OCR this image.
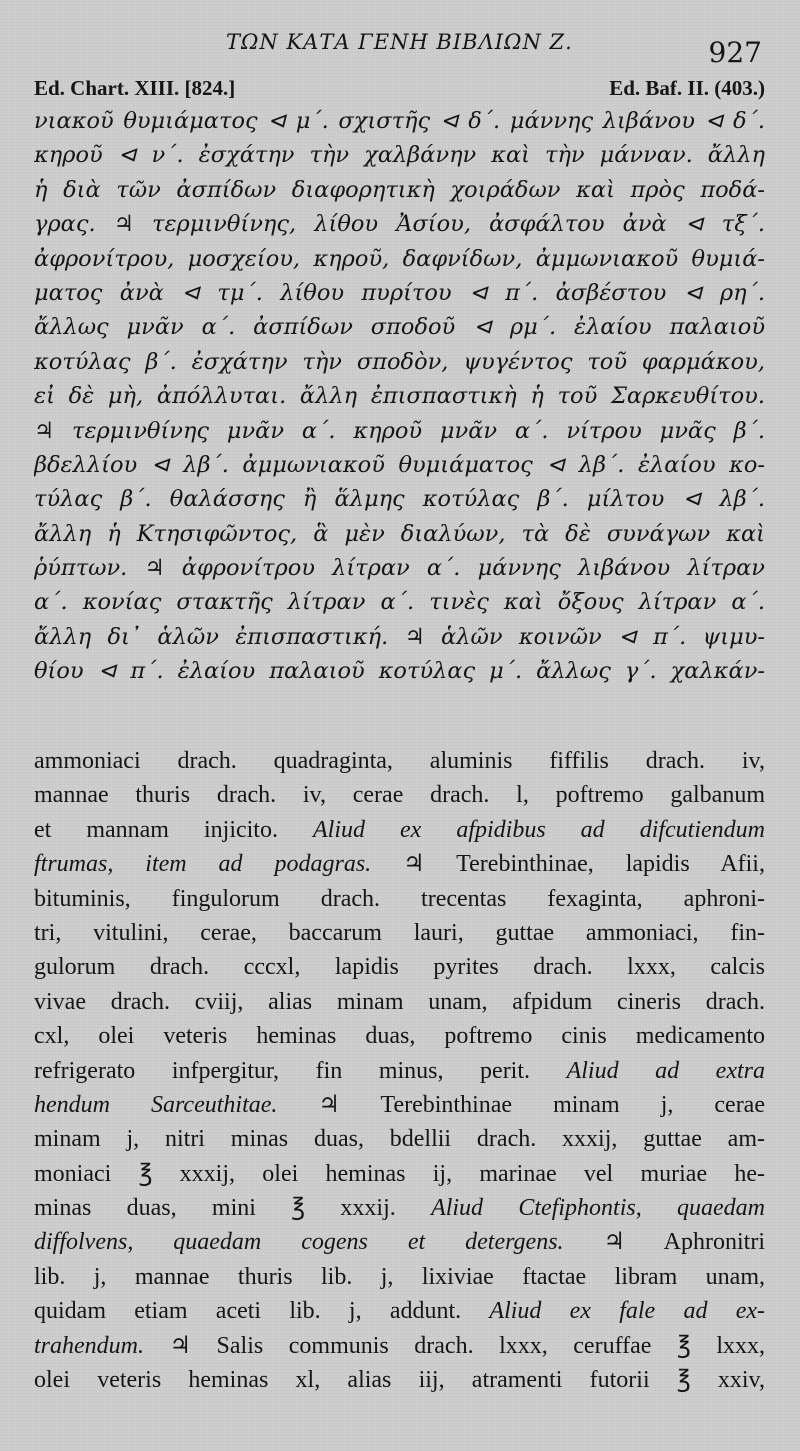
ΤΩΝ ΚΑΤΑ ΓΕΝΗ ΒΙΒΛΙΩΝ Ζ.	927
Ed. Chart. XIII. [824.]	Ed. Baf. II. (403.)
νιακοῦ θυμιάματος ⊲ μ΄. σχιστῆς ⊲ δ΄. μάννης λιβάνου ⊲ δ΄.
κηροῦ ⊲ ν΄. ἐσχάτην τὴν χαλβάνην καὶ τὴν μάνναν. ἄλλη
ἡ διὰ τῶν ἀσπίδων διαφορητικὴ χοιράδων καὶ πρὸς ποδά-
γρας. ♃ τερμινθίνης, λίθου Ἀσίου, ἀσφάλτου ἀνὰ ⊲ τξ΄.
ἀφρονίτρου, μοσχείου, κηροῦ, δαφνίδων, ἀμμωνιακοῦ θυμιά-
ματος ἀνὰ ⊲ τμ΄. λίθου πυρίτου ⊲ π΄. ἀσβέστου ⊲ ρη΄.
ἄλλως μνᾶν α΄. ἀσπίδων σποδοῦ ⊲ ρμ΄. ἐλαίου παλαιοῦ
κοτύλας β΄. ἐσχάτην τὴν σποδὸν, ψυγέντος τοῦ φαρμάκου,
εἰ δὲ μὴ, ἀπόλλυται. ἄλλη ἐπισπαστικὴ ἡ τοῦ Σαρκευθίτου.
♃ τερμινθίνης μνᾶν α΄. κηροῦ μνᾶν α΄. νίτρου μνᾶς β΄.
βδελλίου ⊲ λβ΄. ἀμμωνιακοῦ θυμιάματος ⊲ λβ΄. ἐλαίου κο-
τύλας β΄. θαλάσσης ἢ ἅλμης κοτύλας β΄. μίλτου ⊲ λβ΄.
ἄλλη ἡ Κτησιφῶντος, ἃ μὲν διαλύων, τὰ δὲ συνάγων καὶ
ῥύπτων. ♃ ἀφρονίτρου λίτραν α΄. μάννης λιβάνου λίτραν
α΄. κονίας στακτῆς λίτραν α΄. τινὲς καὶ ὄξους λίτραν α΄.
ἄλλη δι᾽ ἁλῶν ἐπισπαστική. ♃ ἁλῶν κοινῶν ⊲ π΄. ψιμυ-
θίου ⊲ π΄. ἐλαίου παλαιοῦ κοτύλας μ΄. ἄλλως γ΄. χαλκάν-
ammoniaci drach. quadraginta, aluminis fiffilis drach. iv,
mannae thuris drach. iv, cerae drach. l, poftremo galbanum
et mannam injicito. Aliud ex afpidibus ad difcutiendum
ftrumas, item ad podagras. ♃ Terebinthinae, lapidis Afii,
bituminis, fingulorum drach. trecentas fexaginta, aphroni-
tri, vitulini, cerae, baccarum lauri, guttae ammoniaci, fin-
gulorum drach. cccxl, lapidis pyrites drach. lxxx, calcis
vivae drach. cviij, alias minam unam, afpidum cineris drach.
cxl, olei veteris heminas duas, poftremo cinis medicamento
refrigerato infpergitur, fin minus, perit. Aliud ad extra
hendum Sarceuthitae. ♃ Terebinthinae minam j, cerae
minam j, nitri minas duas, bdellii drach. xxxij, guttae am-
moniaci ℥ xxxij, olei heminas ij, marinae vel muriae he-
minas duas, mini ℥ xxxij. Aliud Ctefiphontis, quaedam
diffolvens, quaedam cogens et detergens. ♃ Aphronitri
lib. j, mannae thuris lib. j, lixiviae ftactae libram unam,
quidam etiam aceti lib. j, addunt. Aliud ex fale ad ex-
trahendum. ♃ Salis communis drach. lxxx, ceruffae ℥ lxxx,
olei veteris heminas xl, alias iij, atramenti futorii ℥ xxiv,
